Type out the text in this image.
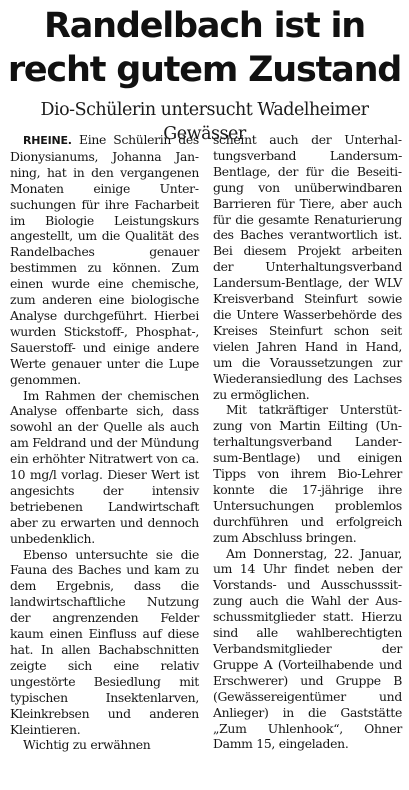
Randelbach ist in
recht gutem Zustand
Dio-Schülerin untersucht Wadelheimer Gewässer

RHEINE. Eine Schülerin des Dionysianums, Johanna Janning, hat in den vergangenen Monaten einige Untersuchungen für ihre Facharbeit im Biologie Leistungskurs angestellt, um die Qualität des Randelbaches genauer bestimmen zu können. Zum einen wurde eine chemische, zum anderen eine biologische Analyse durchgeführt. Hierbei wurden Stickstoff-, Phosphat-, Sauerstoff- und einige andere Werte genauer unter die Lupe genommen.

Im Rahmen der chemischen Analyse offenbarte sich, dass sowohl an der Quelle als auch am Feldrand und der Mündung ein erhöhter Nitratwert von ca. 10 mg/l vorlag. Dieser Wert ist angesichts der intensiv betriebenen Landwirtschaft aber zu erwarten und dennoch unbedenklich.

Ebenso untersuchte sie die Fauna des Baches und kam zu dem Ergebnis, dass die landwirtschaftliche Nutzung der angrenzenden Felder kaum einen Einfluss auf diese hat. In allen Bachabschnitten zeigte sich eine relativ ungestörte Besiedlung mit typischen Insektenlarven, Kleinkrebsen und anderen Kleintieren.

Wichtig zu erwähnen

scheint auch der Unterhaltungsverband Landersum-Bentlage, der für die Beseitigung von unüberwindbaren Barrieren für Tiere, aber auch für die gesamte Renaturierung des Baches verantwortlich ist. Bei diesem Projekt arbeiten der Unterhaltungsverband Landersum-Bentlage, der WLV Kreisverband Steinfurt sowie die Untere Wasserbehörde des Kreises Steinfurt schon seit vielen Jahren Hand in Hand, um die Voraussetzungen zur Wiederansiedlung des Lachses zu ermöglichen.

Mit tatkräftiger Unterstützung von Martin Eilting (Unterhaltungsverband Landersum-Bentlage) und einigen Tipps von ihrem Bio-Lehrer konnte die 17-jährige ihre Untersuchungen problemlos durchführen und erfolgreich zum Abschluss bringen.

Am Donnerstag, 22. Januar, um 14 Uhr findet neben der Vorstands- und Ausschusssitzung auch die Wahl der Ausschussmitglieder statt. Hierzu sind alle wahlberechtigten Verbandsmitglieder der Gruppe A (Vorteilhabende und Erschwerer) und Gruppe B (Gewässereigentümer und Anlieger) in die Gaststätte „Zum Uhlenhook“, Ohner Damm 15, eingeladen.
